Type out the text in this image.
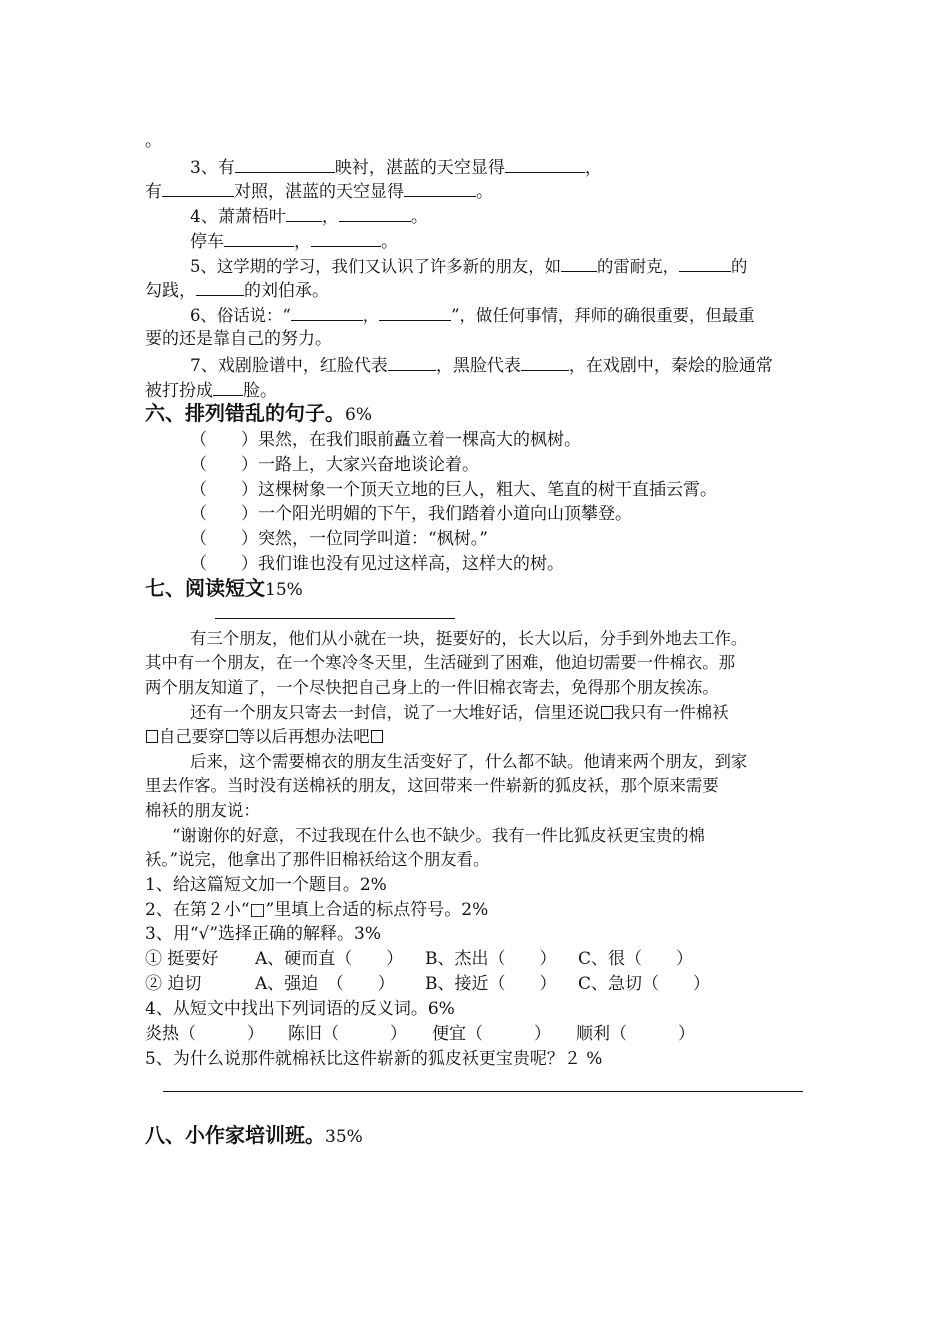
。
3、有	映衬，湛蓝的天空显得	，
有	对照，湛蓝的天空显得	。
4、萧萧梧叶 ，	。
停车	，	。
5、这学期的学习，我们又认识了许多新的朋友，如 的雷耐克，	的
勾践，	的刘伯承。
6、俗话说：“	，	”，做任何事情，拜师的确很重要，但最重
要的还是靠自己的努力。
7、戏剧脸谱中，红脸代表	，黑脸代表	，在戏剧中，秦烩的脸通常
被打扮成 脸。
六、排列错乱的句子。6%
（　　）果然，在我们眼前矗立着一棵高大的枫树。
（　　）一路上，大家兴奋地谈论着。
（　　）这棵树象一个顶天立地的巨人，粗大、笔直的树干直插云霄。
（　　）一个阳光明媚的下午，我们踏着小道向山顶攀登。
（　　）突然，一位同学叫道：“枫树。”
（　　）我们谁也没有见过这样高，这样大的树。
七、阅读短文15%
有三个朋友，他们从小就在一块，挺要好的，长大以后，分手到外地去工作。
其中有一个朋友，在一个寒冷冬天里，生活碰到了困难，他迫切需要一件棉衣。那
两个朋友知道了，一个尽快把自己身上的一件旧棉衣寄去，免得那个朋友挨冻。
还有一个朋友只寄去一封信，说了一大堆好话，信里还说 我只有一件棉袄
自己要穿 等以后再想办法吧
后来，这个需要棉衣的朋友生活变好了，什么都不缺。他请来两个朋友，到家
里去作客。当时没有送棉袄的朋友，这回带来一件崭新的狐皮袄，那个原来需要
棉袄的朋友说：
“谢谢你的好意，不过我现在什么也不缺少。我有一件比狐皮袄更宝贵的棉
袄。”说完，他拿出了那件旧棉袄给这个朋友看。
1、给这篇短文加一个题目。2%
2、在第２小“□”里填上合适的标点符号。2%
3、用“√”选择正确的解释。3%
① 挺要好 A、硬而直（　　） B、杰出（　　） C、很（　　）
② 迫切	A、强迫　（　　） B、接近（　　） C、急切（　　）
4、从短文中找出下列词语的反义词。6%
炎热（　　　） 陈旧（　　　） 便宜（　　　） 顺利（　　　）
5、为什么说那件就棉袄比这件崭新的狐皮袄更宝贵呢？２ %
八、小作家培训班。35%
